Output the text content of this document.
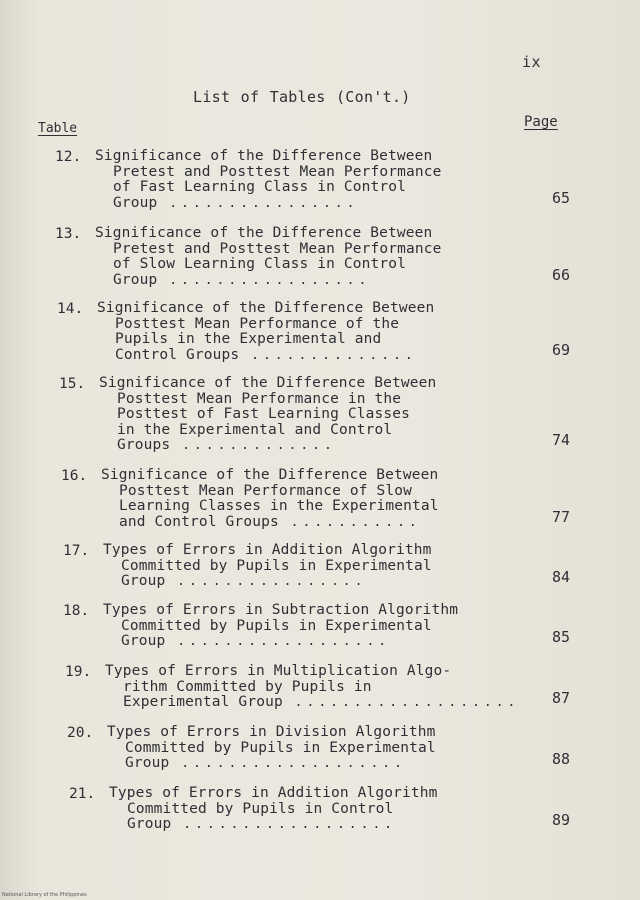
ix
List of Tables (Con't.)
Table	Page
12. Significance of the Difference Between
Pretest and Posttest Mean Performance
of Fast Learning Class in Control
Group ................	65
13. Significance of the Difference Between
Pretest and Posttest Mean Performance
of Slow Learning Class in Control
Group .................	66
14. Significance of the Difference Between
Posttest Mean Performance of the
Pupils in the Experimental and
Control Groups ..............	69
15. Significance of the Difference Between
Posttest Mean Performance in the
Posttest of Fast Learning Classes
in the Experimental and Control
Groups .............	74
16. Significance of the Difference Between
Posttest Mean Performance of Slow
Learning Classes in the Experimental
and Control Groups ...........	77
17. Types of Errors in Addition Algorithm
Committed by Pupils in Experimental
Group ................	84
18. Types of Errors in Subtraction Algorithm
Committed by Pupils in Experimental
Group ..................	85
19. Types of Errors in Multiplication Algo-
rithm Committed by Pupils in
Experimental Group ...................	87
20. Types of Errors in Division Algorithm
Committed by Pupils in Experimental
Group ...................	88
21. Types of Errors in Addition Algorithm
Committed by Pupils in Control
Group ..................	89
National Library of the Philippines
